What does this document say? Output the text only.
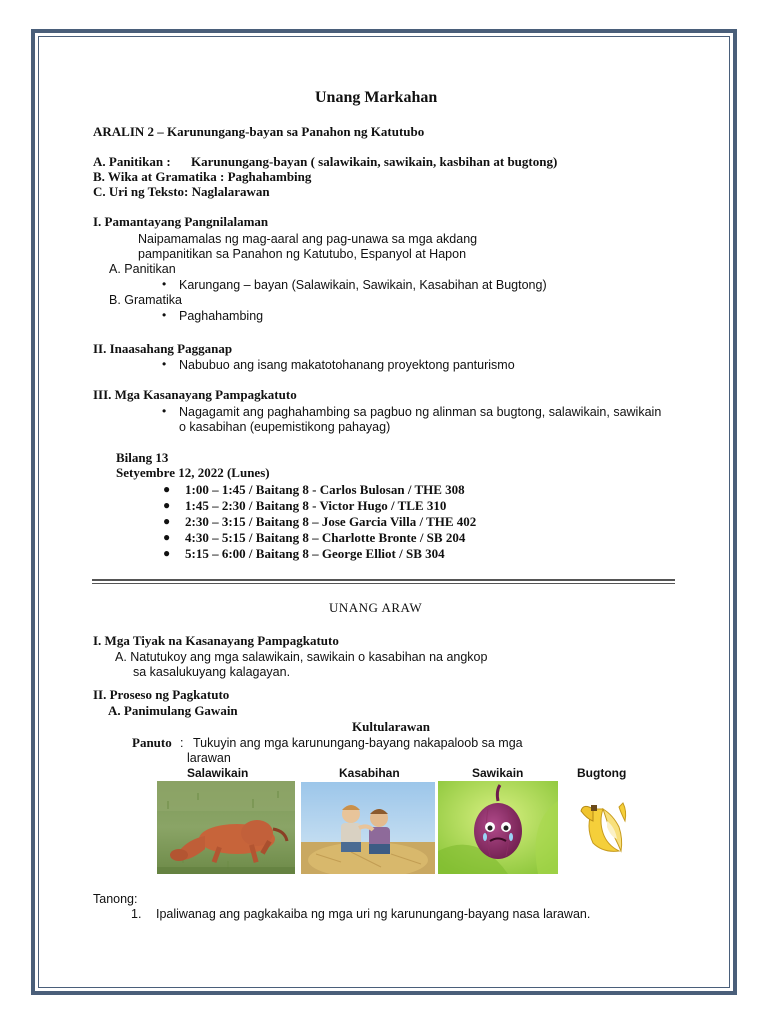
Unang Markahan
ARALIN 2 – Karunungang-bayan sa Panahon ng Katutubo
A. Panitikan : Karunungang-bayan ( salawikain, sawikain, kasbihan at bugtong)
B. Wika at Gramatika : Paghahambing
C. Uri ng Teksto: Naglalarawan
I. Pamantayang Pangnilalaman
Naipamamalas ng mag-aaral ang pag-unawa sa mga akdang
pampanitikan sa Panahon ng Katutubo, Espanyol at Hapon
A. Panitikan
• Karungang – bayan (Salawikain, Sawikain, Kasabihan at Bugtong)
B. Gramatika
• Paghahambing
II. Inaasahang Pagganap
• Nabubuo ang isang makatotohanang proyektong panturismo
III. Mga Kasanayang Pampagkatuto
• Nagagamit ang paghahambing sa pagbuo ng alinman sa bugtong, salawikain, sawikain
o kasabihan (eupemistikong pahayag)
Bilang 13
Setyembre 12, 2022 (Lunes)
● 1:00 – 1:45 / Baitang 8 - Carlos Bulosan / THE 308
● 1:45 – 2:30 / Baitang 8 - Victor Hugo / TLE 310
● 2:30 – 3:15 / Baitang 8 – Jose Garcia Villa / THE 402
● 4:30 – 5:15 / Baitang 8 – Charlotte Bronte / SB 204
● 5:15 – 6:00 / Baitang 8 – George Elliot / SB 304
UNANG ARAW
I. Mga Tiyak na Kasanayang Pampagkatuto
A. Natutukoy ang mga salawikain, sawikain o kasabihan na angkop
sa kasalukuyang kalagayan.
II. Proseso ng Pagkatuto
A. Panimulang Gawain
Kultularawan
Panuto : Tukuyin ang mga karunungang-bayang nakapaloob sa mga
larawan
Salawikain	Kasabihan	Sawikain	Bugtong
Tanong:
1. Ipaliwanag ang pagkakaiba ng mga uri ng karunungang-bayang nasa larawan.
